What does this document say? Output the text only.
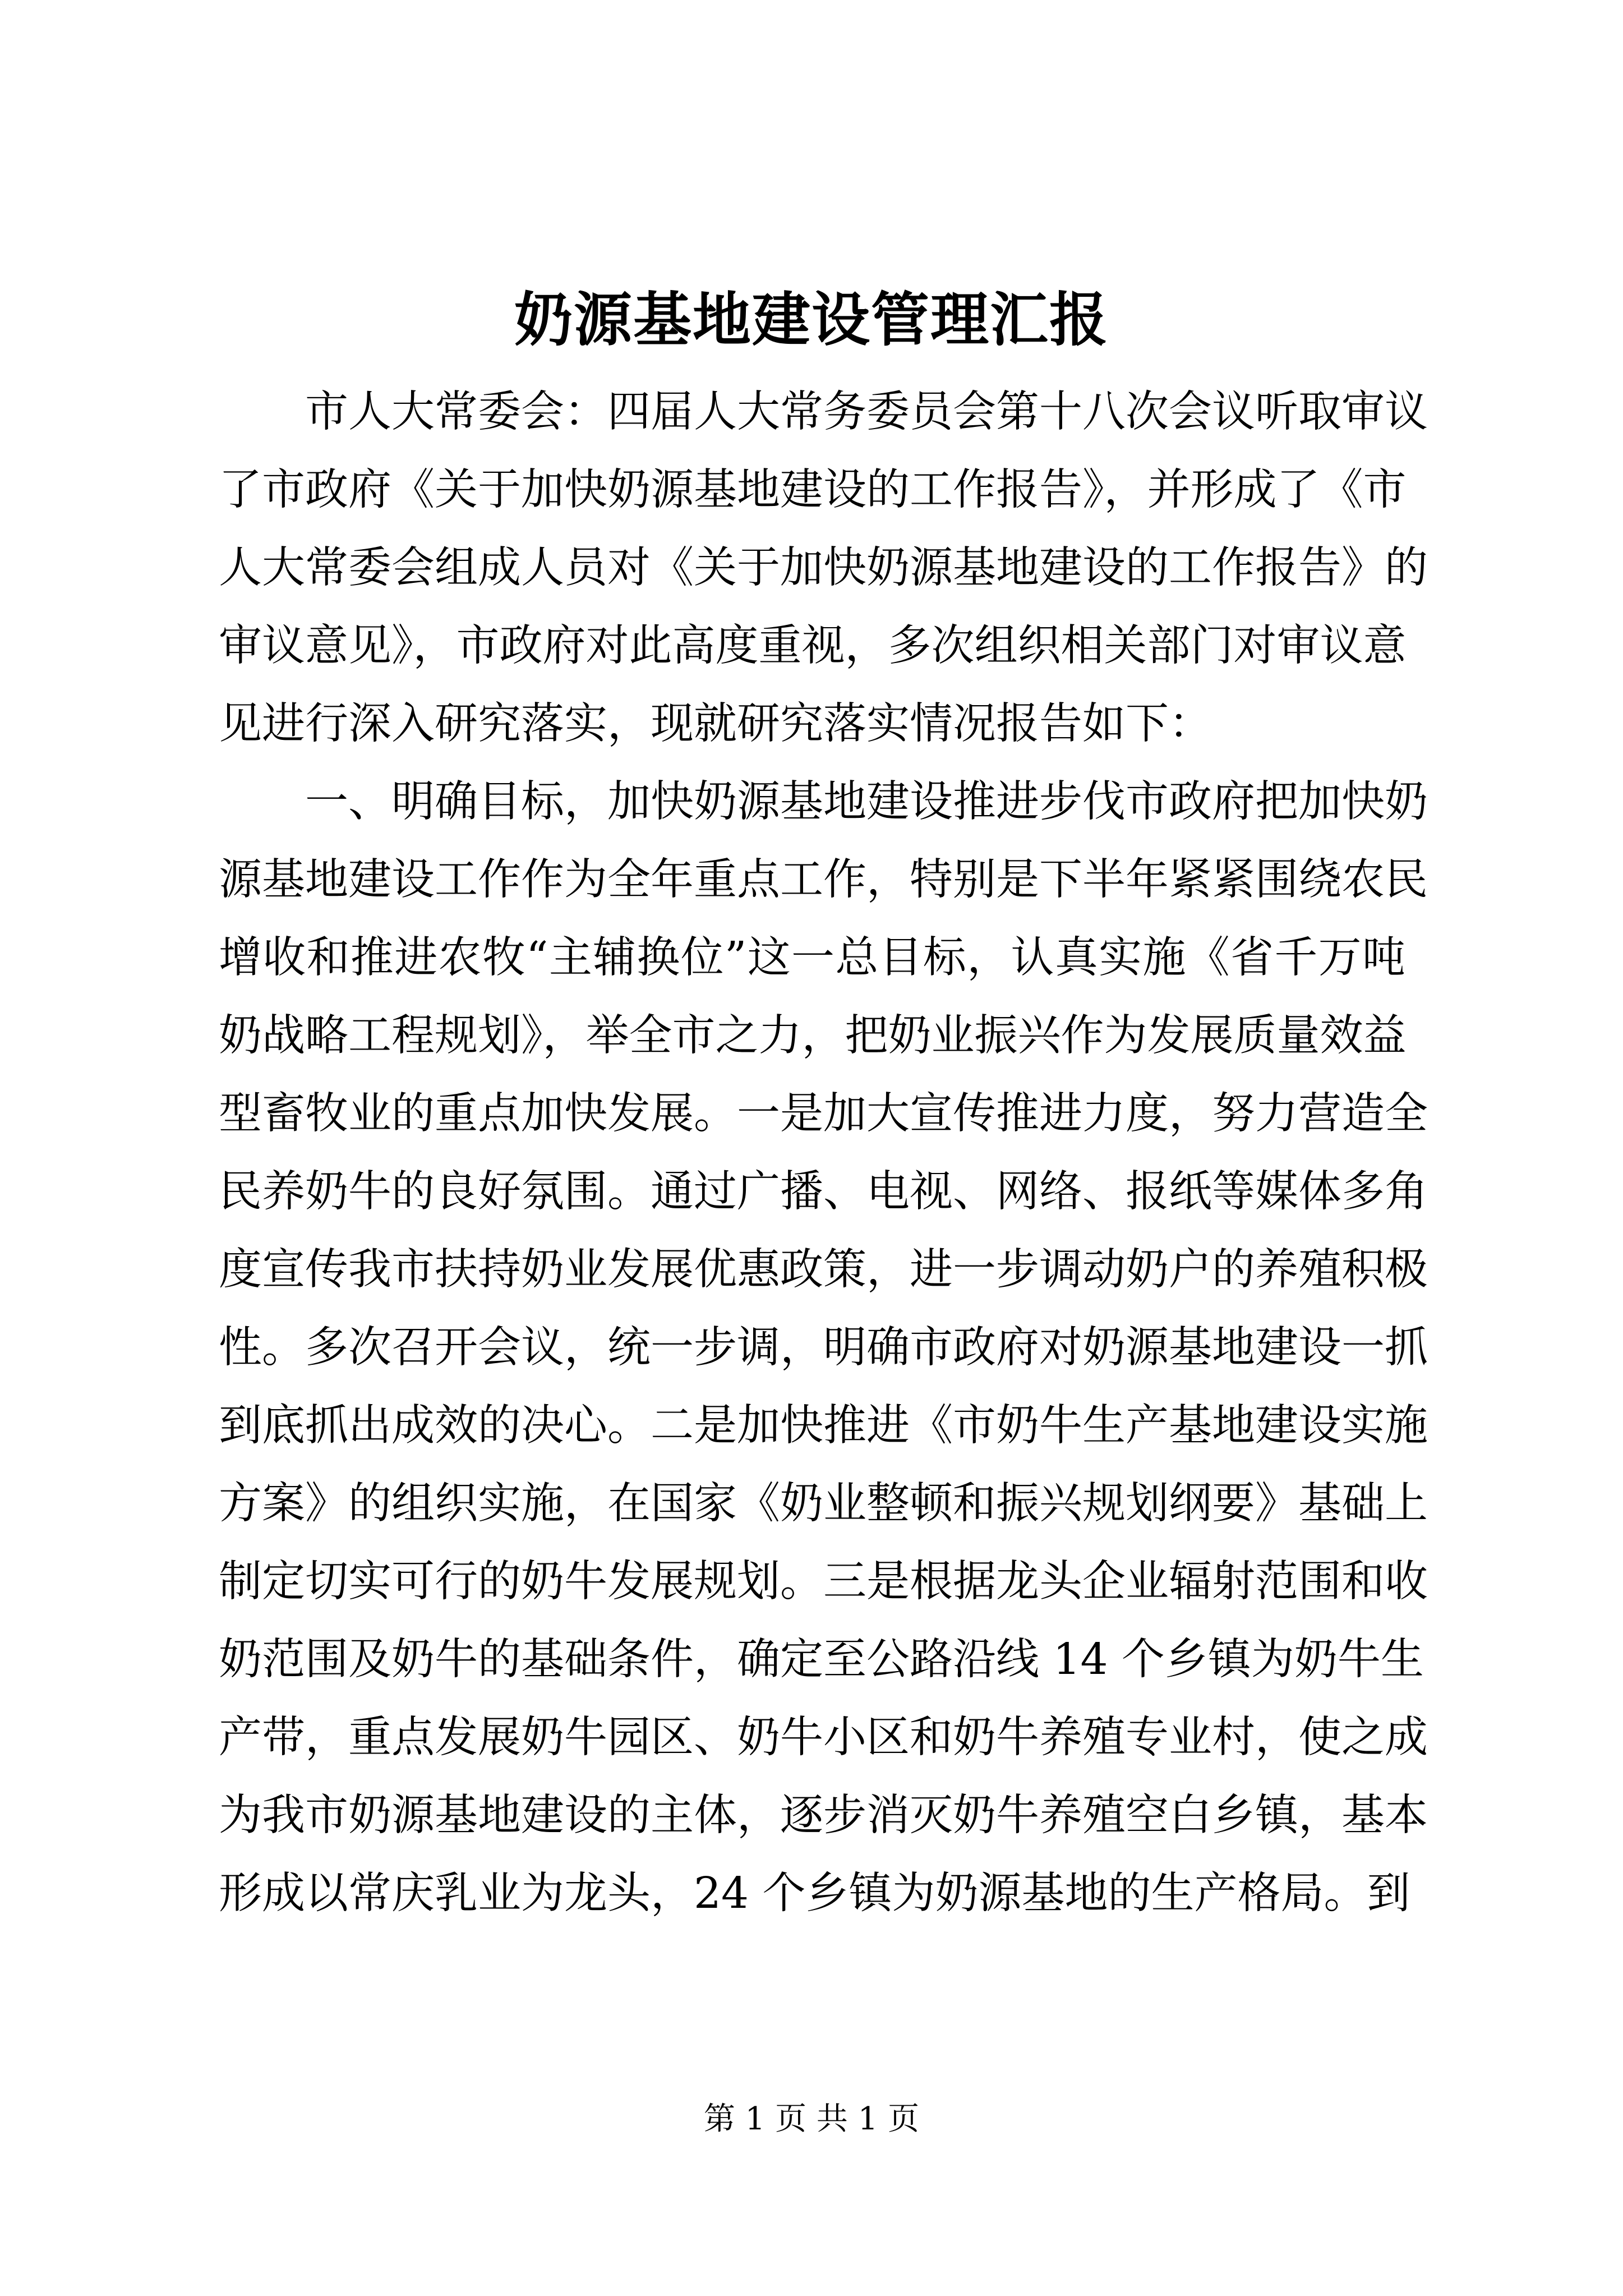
奶源基地建设管理汇报
　　市人大常委会：四届人大常务委员会第十八次会议听取审议
了市政府《关于加快奶源基地建设的工作报告》，并形成了《市
人大常委会组成人员对《关于加快奶源基地建设的工作报告》的
审议意见》，市政府对此高度重视，多次组织相关部门对审议意
见进行深入研究落实，现就研究落实情况报告如下：
　　一、明确目标，加快奶源基地建设推进步伐市政府把加快奶
源基地建设工作作为全年重点工作，特别是下半年紧紧围绕农民
增收和推进农牧“主辅换位”这一总目标，认真实施《省千万吨
奶战略工程规划》，举全市之力，把奶业振兴作为发展质量效益
型畜牧业的重点加快发展。一是加大宣传推进力度，努力营造全
民养奶牛的良好氛围。通过广播、电视、网络、报纸等媒体多角
度宣传我市扶持奶业发展优惠政策，进一步调动奶户的养殖积极
性。多次召开会议，统一步调，明确市政府对奶源基地建设一抓
到底抓出成效的决心。二是加快推进《市奶牛生产基地建设实施
方案》的组织实施，在国家《奶业整顿和振兴规划纲要》基础上
制定切实可行的奶牛发展规划。三是根据龙头企业辐射范围和收
奶范围及奶牛的基础条件，确定至公路沿线 14 个乡镇为奶牛生
产带，重点发展奶牛园区、奶牛小区和奶牛养殖专业村，使之成
为我市奶源基地建设的主体，逐步消灭奶牛养殖空白乡镇，基本
形成以常庆乳业为龙头，24 个乡镇为奶源基地的生产格局。到
第 1 页 共 1 页
